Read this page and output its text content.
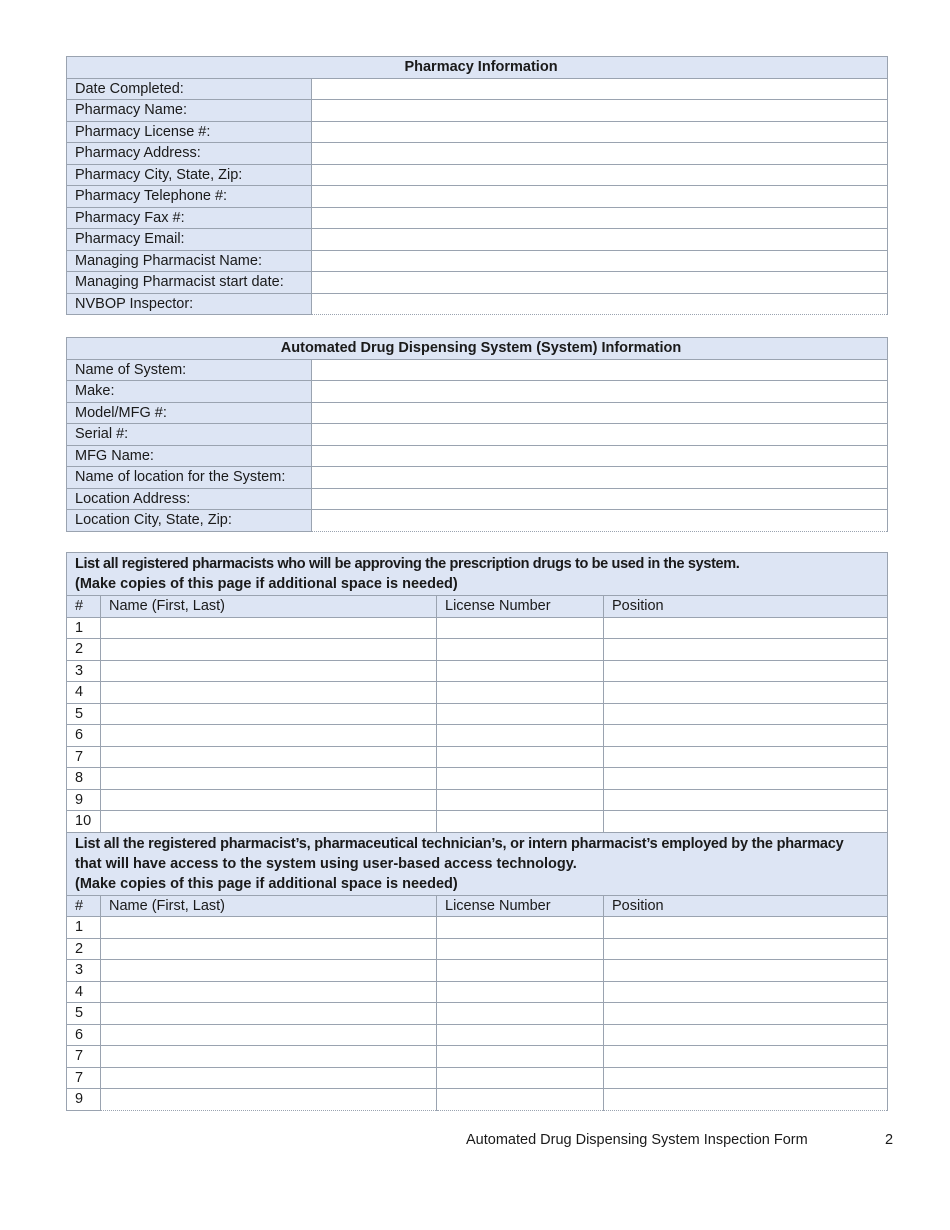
Pharmacy Information	
Date Completed:	
Pharmacy Name:	
Pharmacy License #:	
Pharmacy Address:	
Pharmacy City, State, Zip:	
Pharmacy Telephone #:	
Pharmacy Fax #:	
Pharmacy Email:	
Managing Pharmacist Name:	
Managing Pharmacist start date:	
NVBOP Inspector:	
Automated Drug Dispensing System (System) Information	
Name of System:	
Make:	
Model/MFG #:	
Serial #:	
MFG Name:	
Name of location for the System:	
Location Address:	
Location City, State, Zip:	
List all registered pharmacists who will be approving the prescription drugs to be used in the system.
(Make copies of this page if additional space is needed)			

#	Name (First, Last)	License Number	Position
1			
2			
3			
4			
5			
6			
7			
8			
9			
10			

List all the registered pharmacist’s, pharmaceutical technician’s, or intern pharmacist’s employed by the pharmacy
that will have access to the system using user-based access technology.
(Make copies of this page if additional space is needed)			

#	Name (First, Last)	License Number	Position
1			
2			
3			
4			
5			
6			
7			
7			
9			
Automated Drug Dispensing System Inspection Form	2
